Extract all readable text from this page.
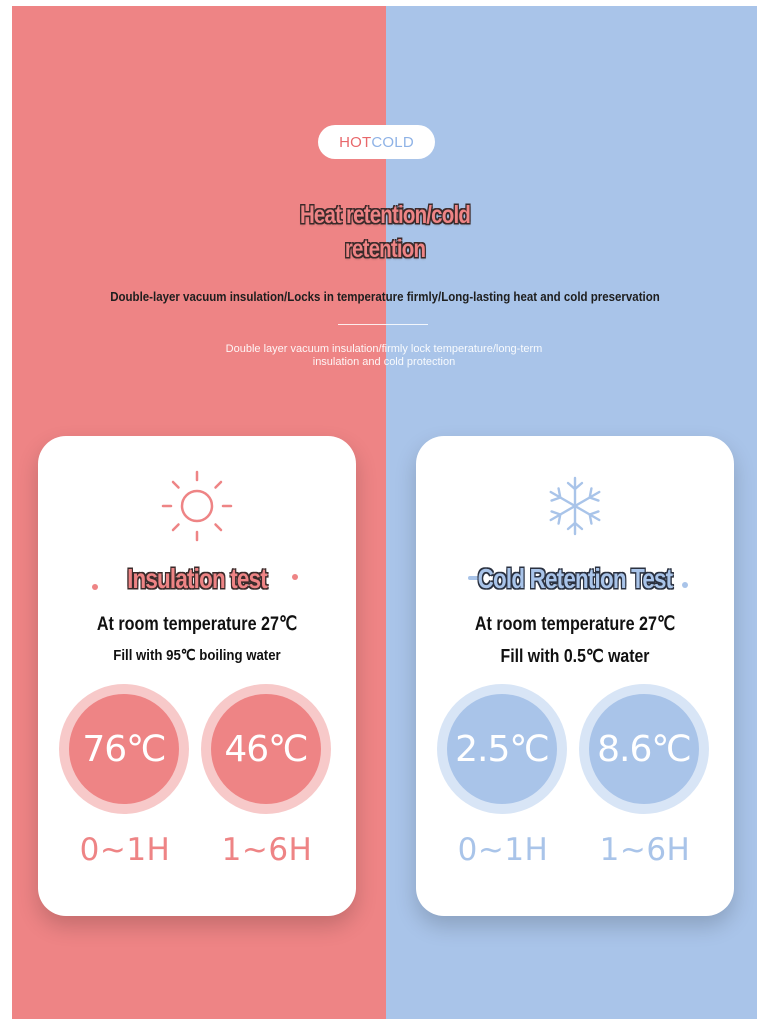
HOT COLD
Heat retention/cold retention
Double-layer vacuum insulation/Locks in temperature firmly/Long-lasting heat and cold preservation
Double layer vacuum insulation/firmly lock temperature/long-term insulation and cold protection
Insulation test
At room temperature 27℃
Fill with 95℃ boiling water
76℃	46℃
0~1H	1~6H
Cold Retention Test
At room temperature 27℃
Fill with 0.5℃ water
2.5℃ 8.6℃
0~1H	1~6H
